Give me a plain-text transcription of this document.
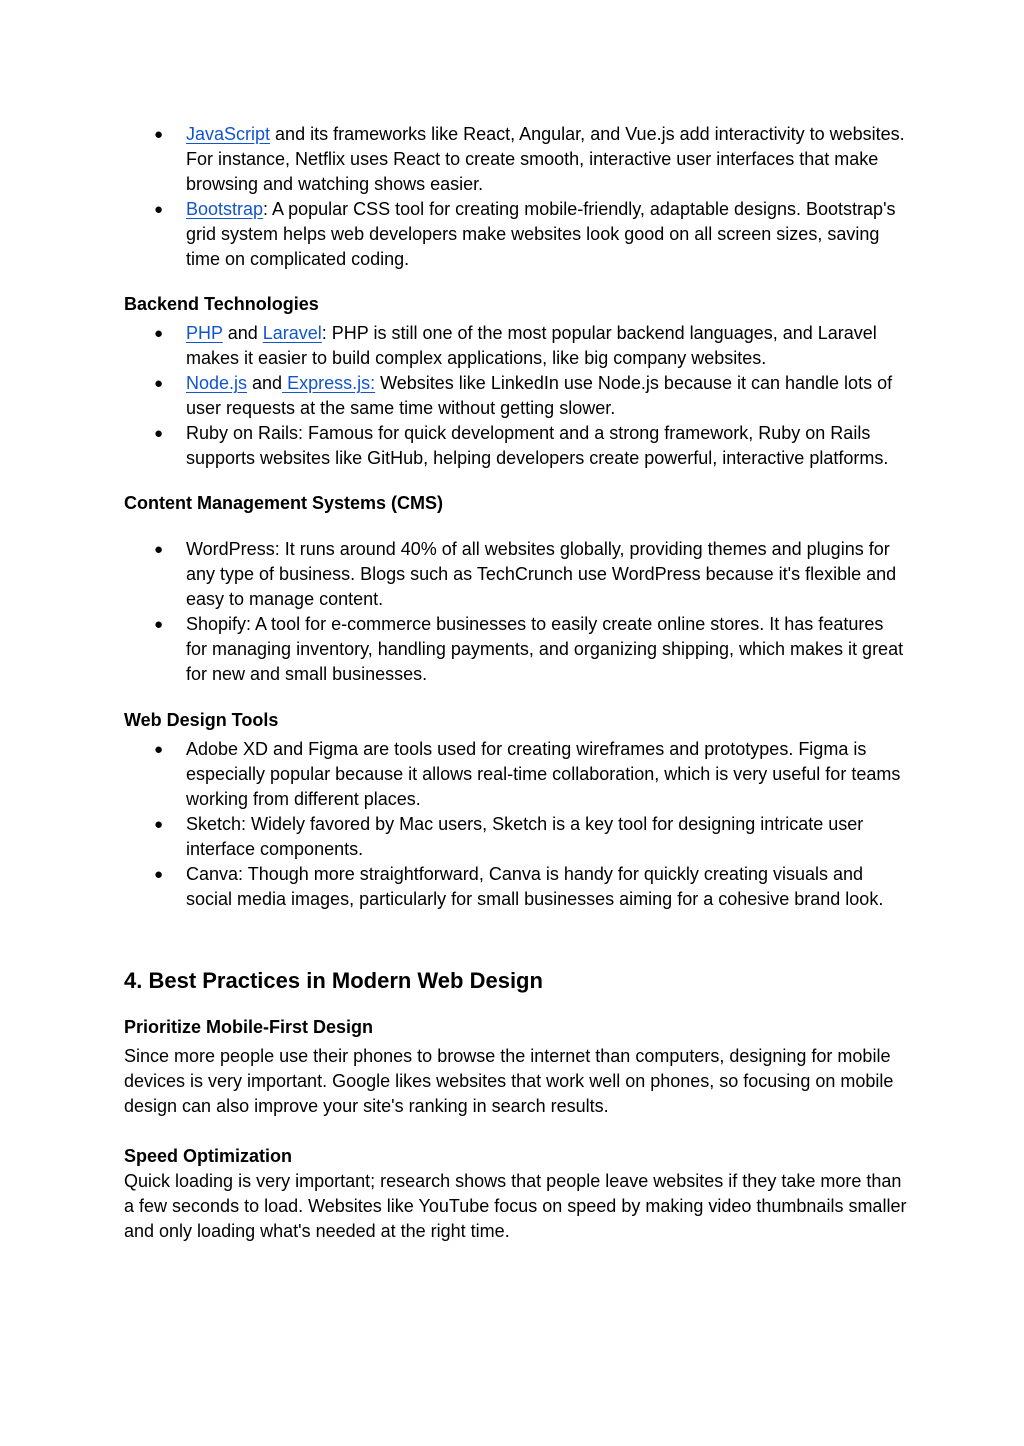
● JavaScript and its frameworks like React, Angular, and Vue.js add interactivity to websites. For instance, Netflix uses React to create smooth, interactive user interfaces that make browsing and watching shows easier.
● Bootstrap: A popular CSS tool for creating mobile-friendly, adaptable designs. Bootstrap's grid system helps web developers make websites look good on all screen sizes, saving time on complicated coding.
Backend Technologies
● PHP and Laravel: PHP is still one of the most popular backend languages, and Laravel makes it easier to build complex applications, like big company websites.
● Node.js and Express.js: Websites like LinkedIn use Node.js because it can handle lots of user requests at the same time without getting slower.
● Ruby on Rails: Famous for quick development and a strong framework, Ruby on Rails supports websites like GitHub, helping developers create powerful, interactive platforms.
Content Management Systems (CMS)
● WordPress: It runs around 40% of all websites globally, providing themes and plugins for any type of business. Blogs such as TechCrunch use WordPress because it's flexible and easy to manage content.
● Shopify: A tool for e-commerce businesses to easily create online stores. It has features for managing inventory, handling payments, and organizing shipping, which makes it great for new and small businesses.
Web Design Tools
● Adobe XD and Figma are tools used for creating wireframes and prototypes. Figma is especially popular because it allows real-time collaboration, which is very useful for teams working from different places.
● Sketch: Widely favored by Mac users, Sketch is a key tool for designing intricate user interface components.
● Canva: Though more straightforward, Canva is handy for quickly creating visuals and social media images, particularly for small businesses aiming for a cohesive brand look.
4. Best Practices in Modern Web Design
Prioritize Mobile-First Design

Since more people use their phones to browse the internet than computers, designing for mobile devices is very important. Google likes websites that work well on phones, so focusing on mobile design can also improve your site's ranking in search results.

Speed Optimization

Quick loading is very important; research shows that people leave websites if they take more than a few seconds to load. Websites like YouTube focus on speed by making video thumbnails smaller and only loading what's needed at the right time.
